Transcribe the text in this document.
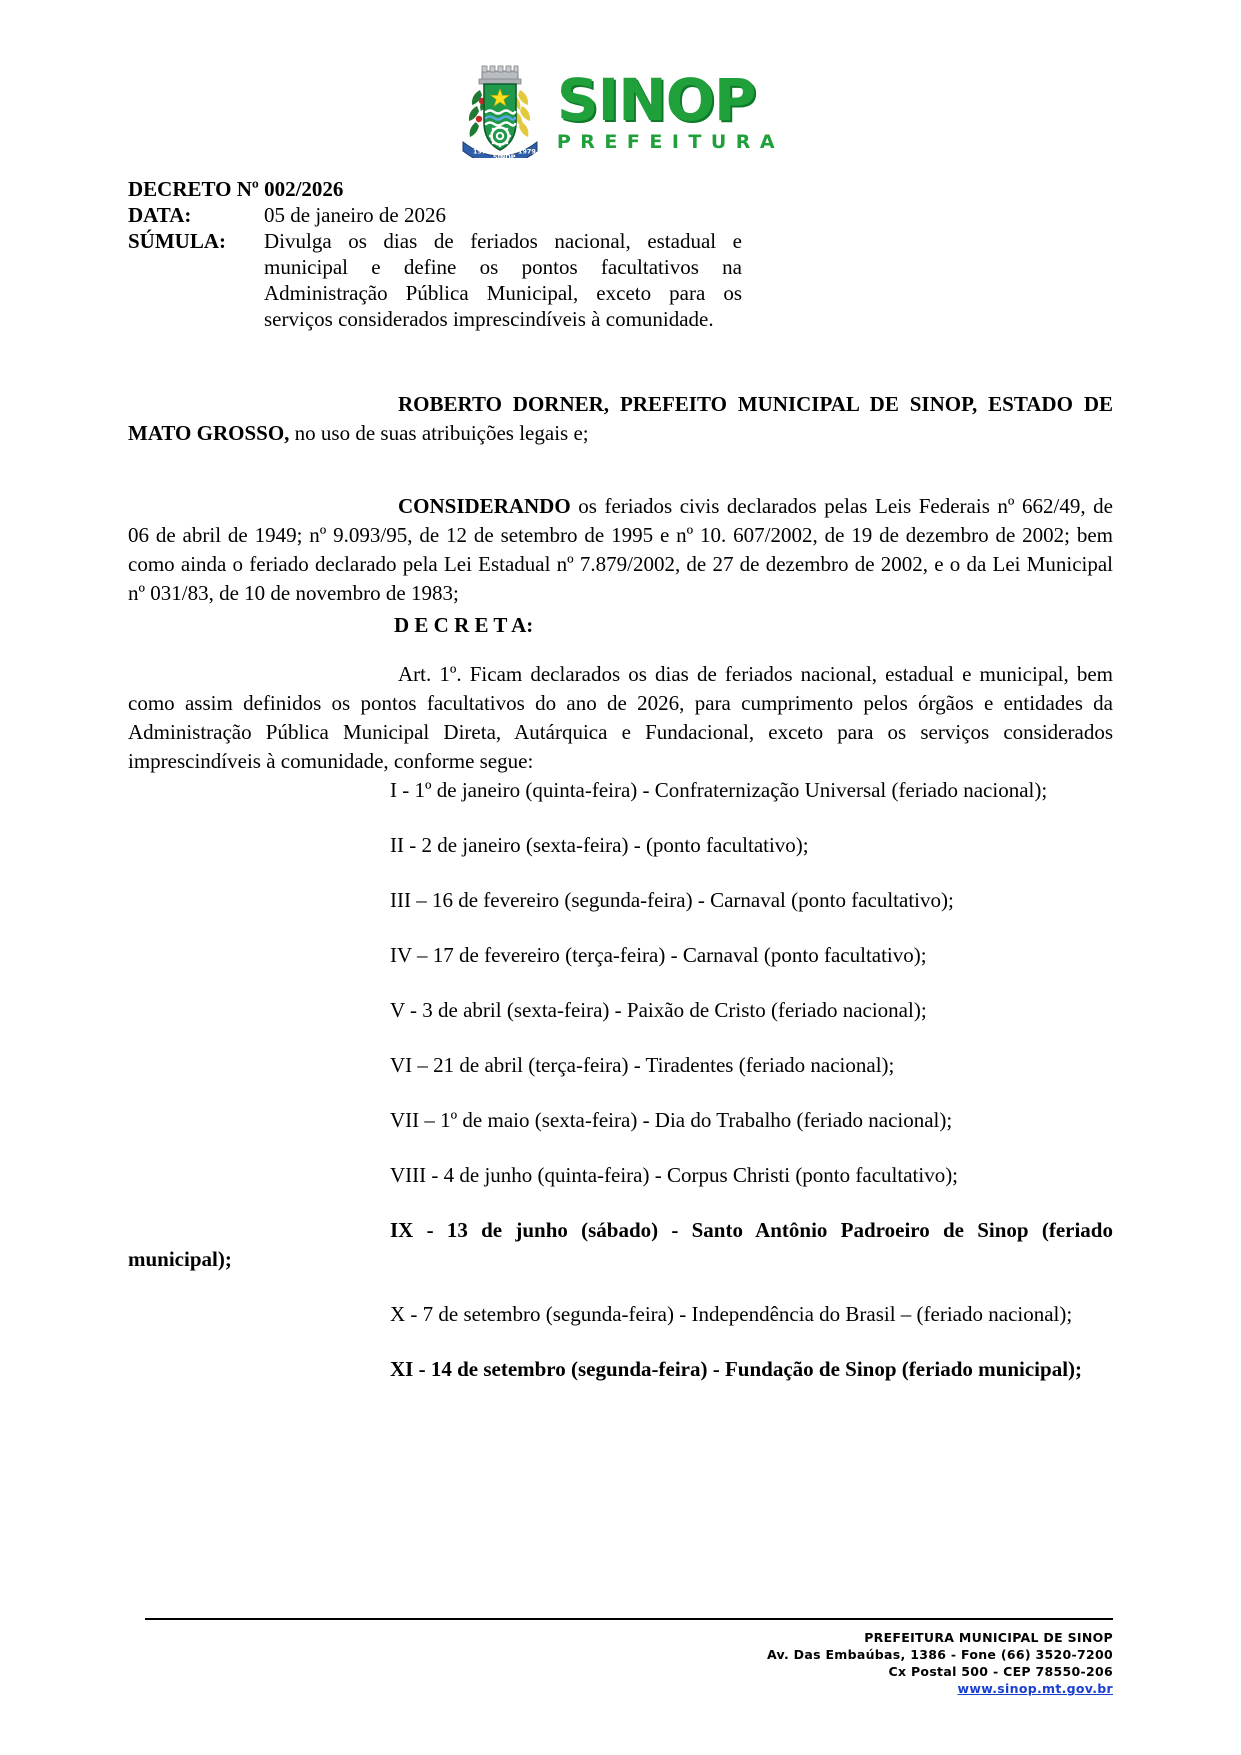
1974
SINOP
1979
SINOP
PREFEITURA
DECRETO Nº 002/2026
DATA:	05 de janeiro de 2026
SÚMULA:	Divulga os dias de feriados nacional, estadual e municipal e define os pontos facultativos na Administração Pública Municipal, exceto para os serviços considerados imprescindíveis à comunidade.

ROBERTO DORNER, PREFEITO MUNICIPAL DE SINOP, ESTADO DE MATO GROSSO, no uso de suas atribuições legais e;

CONSIDERANDO os feriados civis declarados pelas Leis Federais nº 662/49, de 06 de abril de 1949; nº 9.093/95, de 12 de setembro de 1995 e nº 10. 607/2002, de 19 de dezembro de 2002; bem como ainda o feriado declarado pela Lei Estadual nº 7.879/2002, de 27 de dezembro de 2002, e o da Lei Municipal nº 031/83, de 10 de novembro de 1983;

D E C R E T A:

Art. 1º. Ficam declarados os dias de feriados nacional, estadual e municipal, bem como assim definidos os pontos facultativos do ano de 2026, para cumprimento pelos órgãos e entidades da Administração Pública Municipal Direta, Autárquica e Fundacional, exceto para os serviços considerados imprescindíveis à comunidade, conforme segue:

I - 1º de janeiro (quinta-feira) - Confraternização Universal (feriado nacional);

II - 2 de janeiro (sexta-feira) - (ponto facultativo);

III – 16 de fevereiro (segunda-feira) - Carnaval (ponto facultativo);

IV – 17 de fevereiro (terça-feira) - Carnaval (ponto facultativo);

V - 3 de abril (sexta-feira) - Paixão de Cristo (feriado nacional);

VI – 21 de abril (terça-feira) - Tiradentes (feriado nacional);

VII – 1º de maio (sexta-feira) - Dia do Trabalho (feriado nacional);

VIII - 4 de junho (quinta-feira) - Corpus Christi (ponto facultativo);

IX - 13 de junho (sábado) - Santo Antônio Padroeiro de Sinop (feriado municipal);

X - 7 de setembro (segunda-feira) - Independência do Brasil – (feriado nacional);

XI - 14 de setembro (segunda-feira) - Fundação de Sinop (feriado municipal);

PREFEITURA MUNICIPAL DE SINOP
Av. Das Embaúbas, 1386 - Fone (66) 3520-7200
Cx Postal 500 - CEP 78550-206
www.sinop.mt.gov.br
